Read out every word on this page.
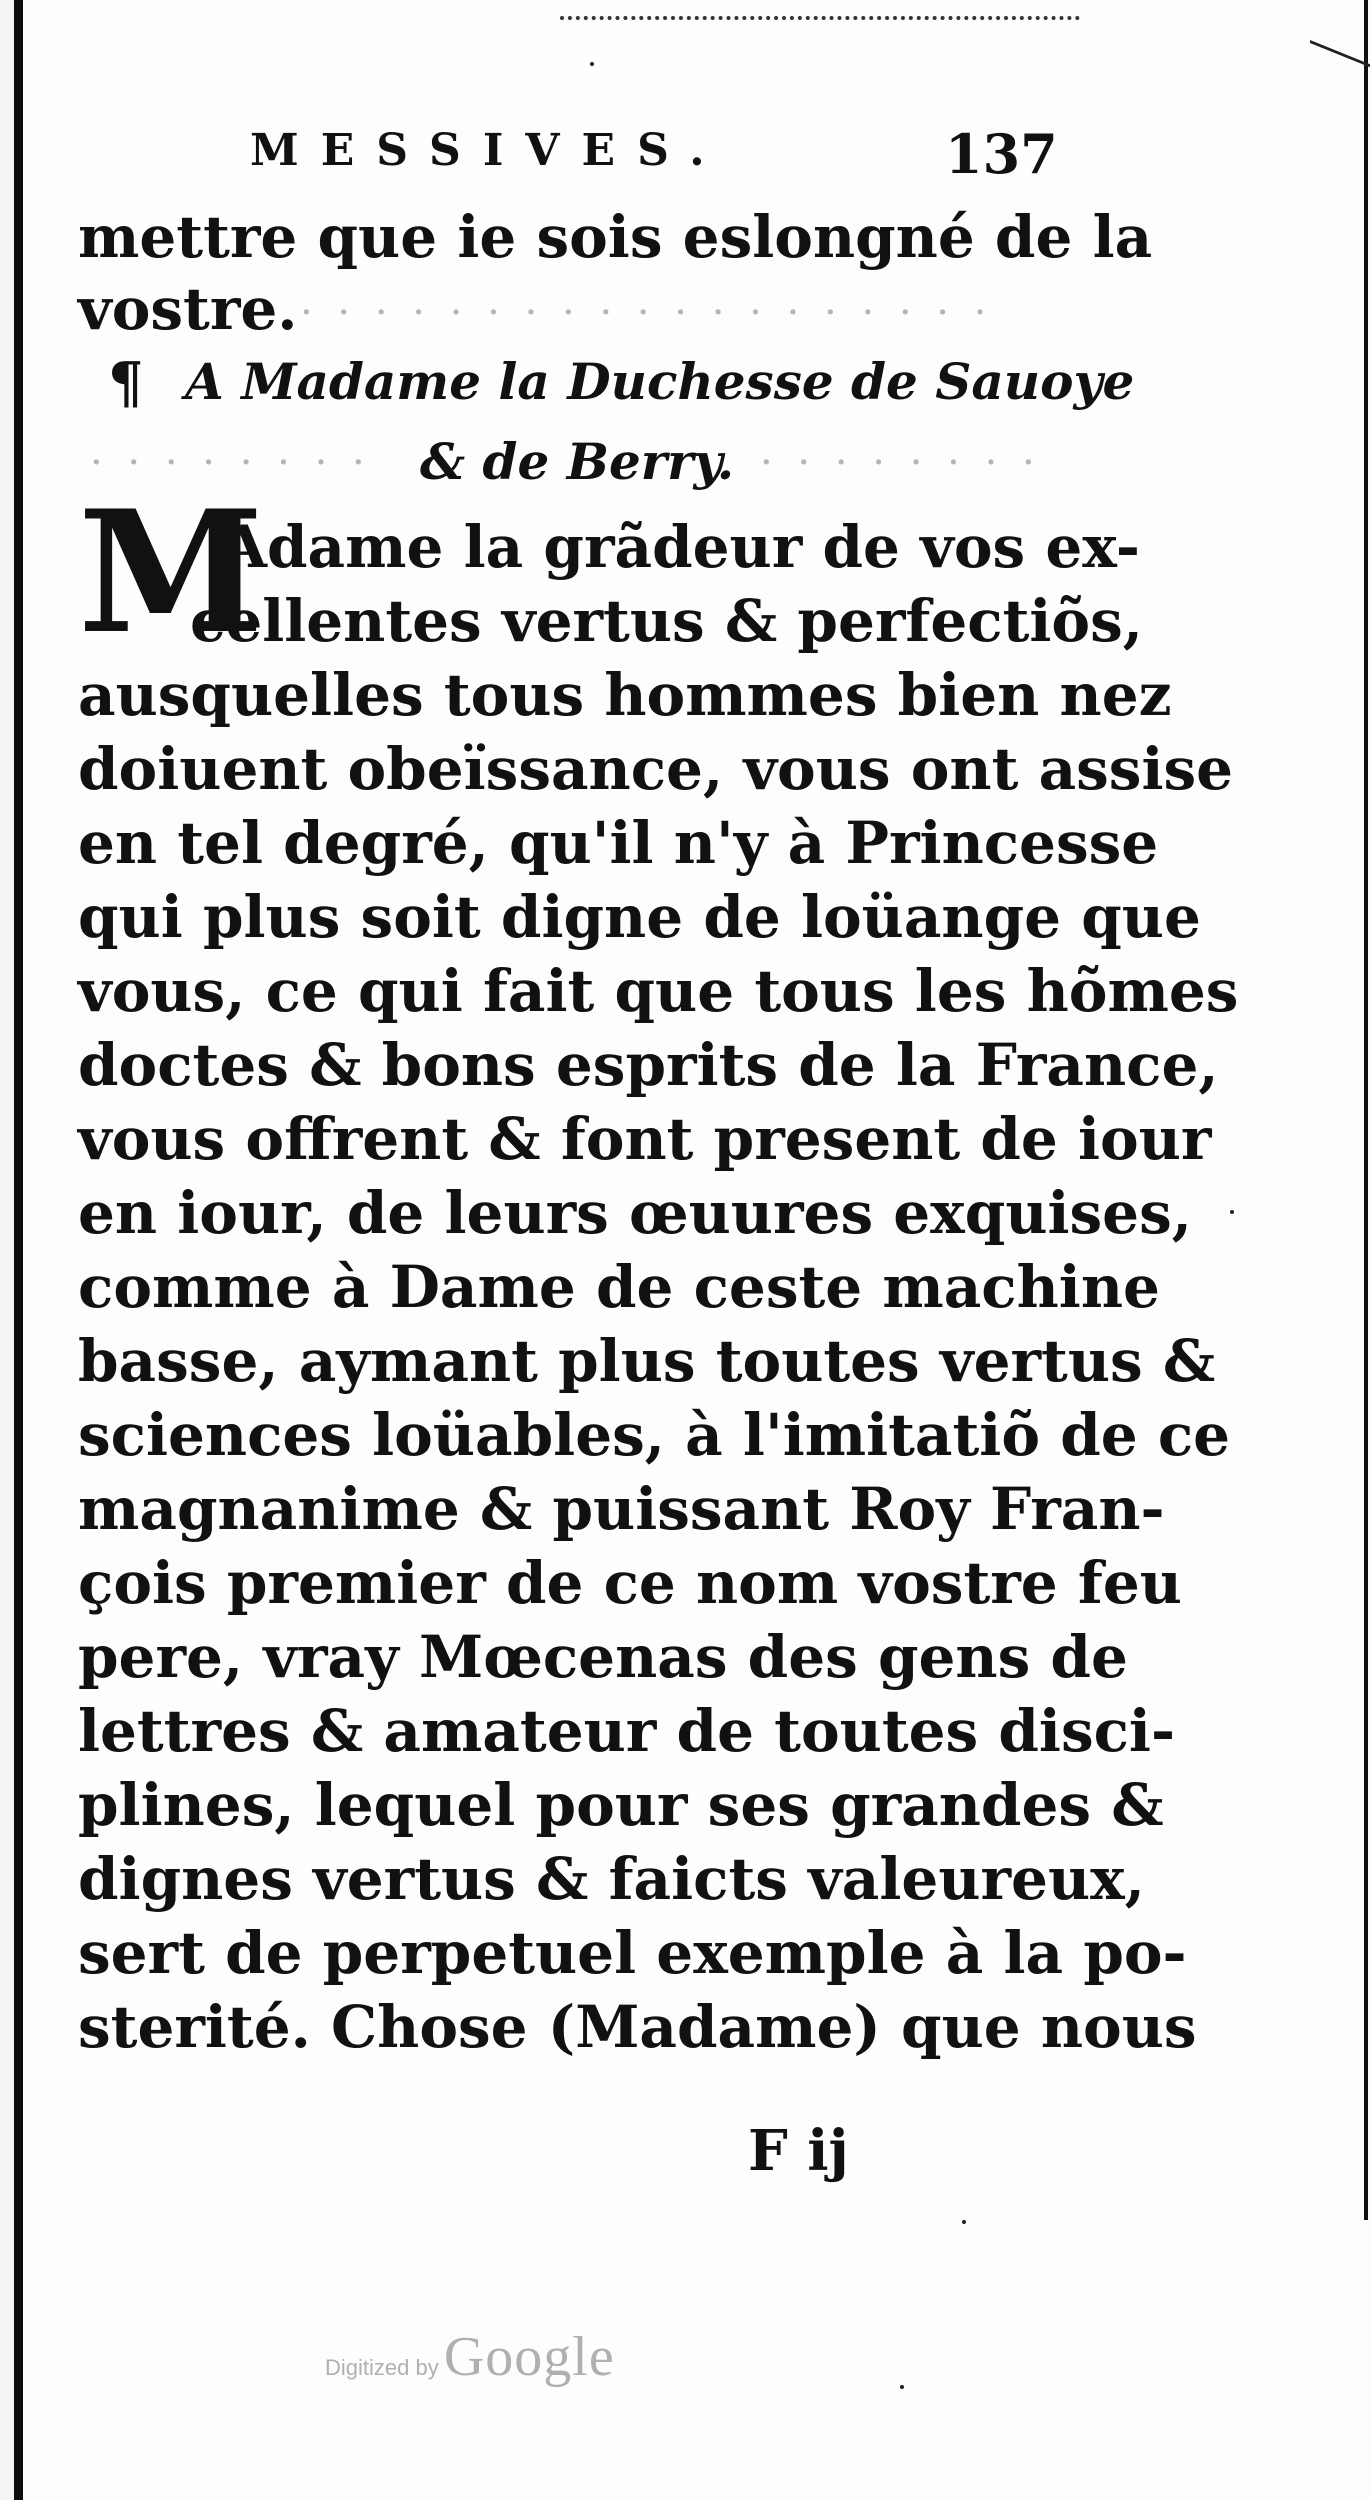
MESSIVES.	137
mettre que ie sois eslongné de la
vostre. · · · · · · · · · · · · · · · · · · ·
¶ A Madame la Duchesse de Sauoye
· · · · · · · · & de Berry. · · · · · · · ·
M
Adame la grãdeur de vos ex-
cellentes vertus & perfectiõs,
ausquelles tous hommes bien nez
doiuent obeïssance, vous ont assise
en tel degré, qu'il n'y à Princesse
qui plus soit digne de loüange que
vous, ce qui fait que tous les hõmes
doctes & bons esprits de la France,
vous offrent & font present de iour
en iour, de leurs œuures exquises,
comme à Dame de ceste machine
basse, aymant plus toutes vertus &
sciences loüables, à l'imitatiõ de ce
magnanime & puissant Roy Fran-
çois premier de ce nom vostre feu
pere, vray Mœcenas des gens de
lettres & amateur de toutes disci-
plines, lequel pour ses grandes &
dignes vertus & faicts valeureux,
sert de perpetuel exemple à la po-
sterité. Chose (Madame) que nous
F ij
Digitized by Google
